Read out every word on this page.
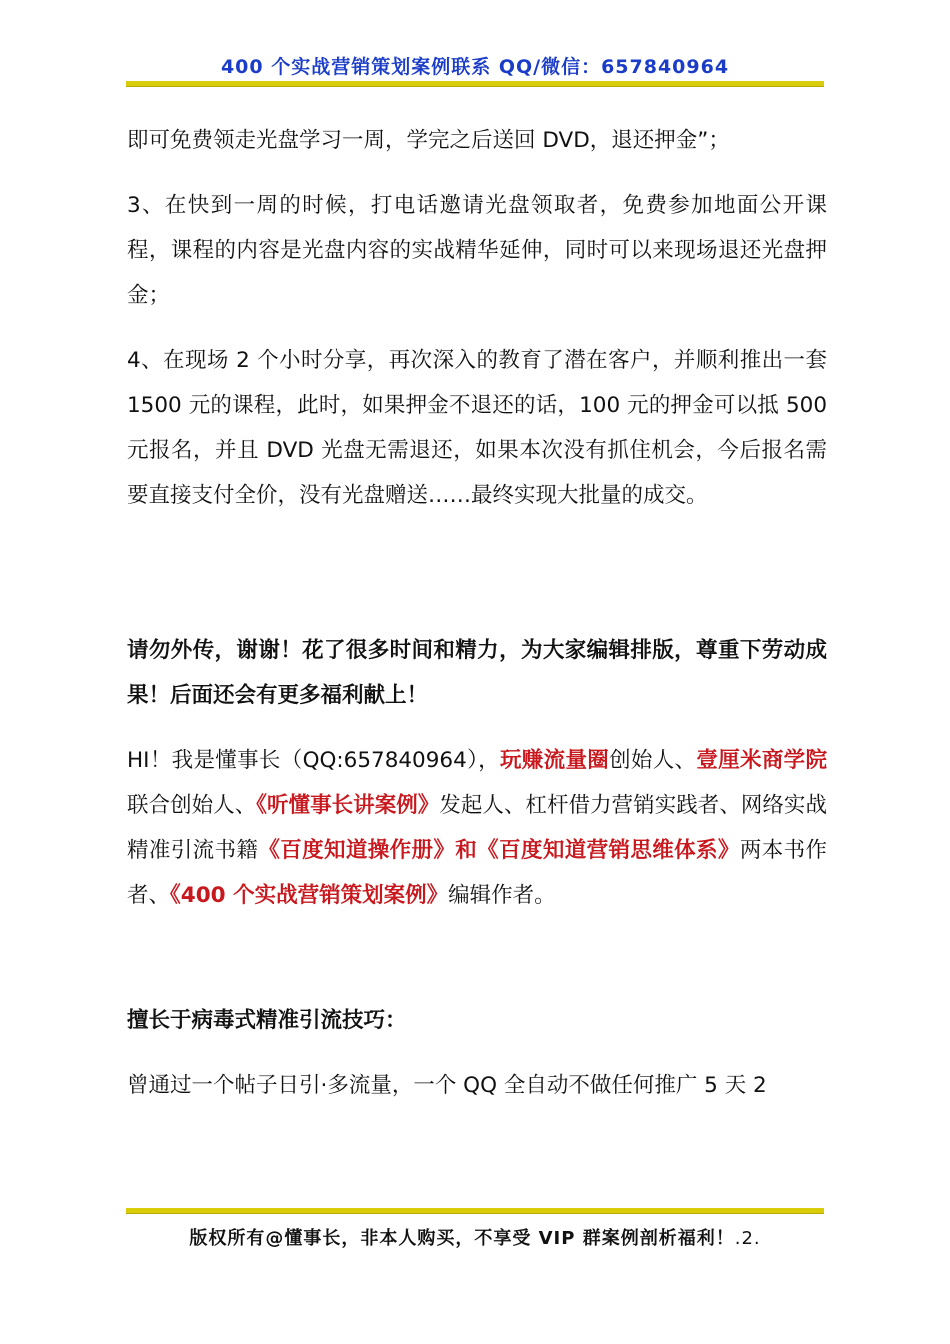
400 个实战营销策划案例联系 QQ/微信：657840964

即可免费领走光盘学习一周，学完之后送回 DVD，退还押金”；

3、在快到一周的时候，打电话邀请光盘领取者，免费参加地面公开课程，课程的内容是光盘内容的实战精华延伸，同时可以来现场退还光盘押金；

4、在现场 2 个小时分享，再次深入的教育了潜在客户，并顺利推出一套 1500 元的课程，此时，如果押金不退还的话，100 元的押金可以抵 500 元报名，并且 DVD 光盘无需退还，如果本次没有抓住机会，今后报名需要直接支付全价，没有光盘赠送……最终实现大批量的成交。

请勿外传，谢谢！花了很多时间和精力，为大家编辑排版，尊重下劳动成果！后面还会有更多福利献上！

HI！我是懂事长（QQ:657840964），玩赚流量圈创始人、壹厘米商学院联合创始人、《听懂事长讲案例》发起人、杠杆借力营销实践者、网络实战精准引流书籍《百度知道操作册》和《百度知道营销思维体系》两本书作者、《400 个实战营销策划案例》编辑作者。

擅长于病毒式精准引流技巧：

曾通过一个帖子日引·多流量，一个 QQ 全自动不做任何推广 5 天 2

版权所有@懂事长，非本人购买，不享受 VIP 群案例剖析福利！.2.
